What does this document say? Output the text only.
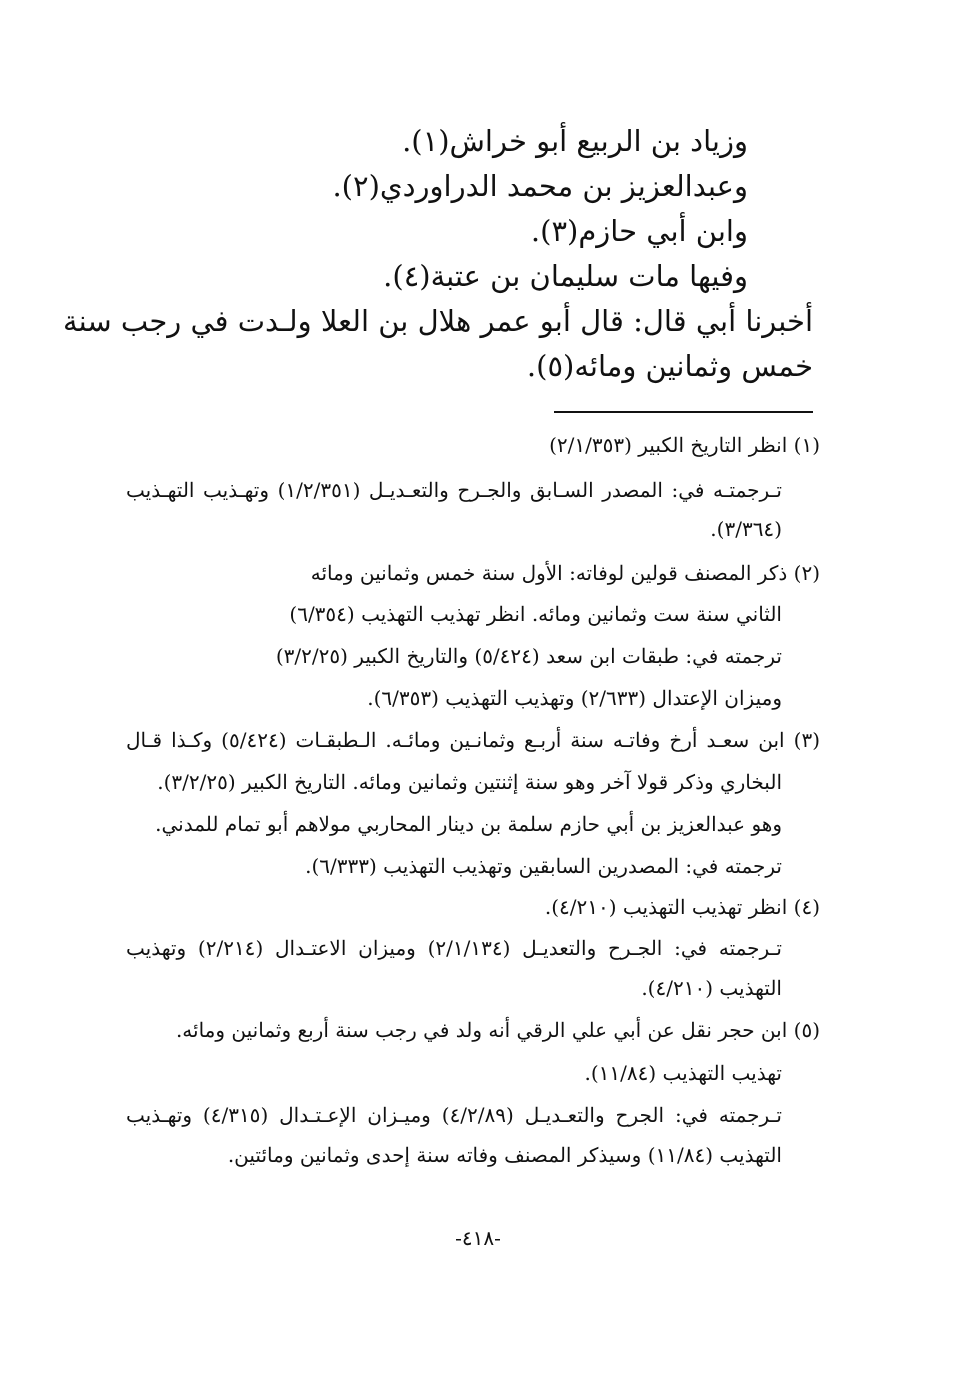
وزياد بن الربيع أبو خراش(١).
وعبدالعزيز بن محمد الدراوردي(٢).
وابن أبي حازم(٣).
وفيها مات سليمان بن عتبة(٤).
أخبرنا أبي قال: قال أبو عمر هلال بن العلا ولـدت في رجب سنة
خمس وثمانين ومائه(٥).
(١) انظر التاريخ الكبير (٢/١/٣٥٣)
تـرجمتـه في: المصدر السـابق والجـرح والتعـديـل (١/٢/٣٥١) وتهـذيب التهـذيب
(٣/٣٦٤).
(٢) ذكر المصنف قولين لوفاته: الأول سنة خمس وثمانين ومائه
الثاني سنة ست وثمانين ومائه. انظر تهذيب التهذيب (٦/٣٥٤)
ترجمته في: طبقات ابن سعد (٥/٤٢٤) والتاريخ الكبير (٣/٢/٢٥)
وميزان الإعتدال (٢/٦٣٣) وتهذيب التهذيب (٦/٣٥٣).
(٣) ابن سعـد أرخ وفاتـه سنة أربـع وثمانـين ومائـه. الـطبقـات (٥/٤٢٤) وكـذا قـال
البخاري وذكر قولا آخر وهو سنة إثنتين وثمانين ومائه. التاريخ الكبير (٣/٢/٢٥).
وهو عبدالعزيز بن أبي حازم سلمة بن دينار المحاربي مولاهم أبو تمام للمدني.
ترجمته في: المصدرين السابقين وتهذيب التهذيب (٦/٣٣٣).
(٤) انظر تهذيب التهذيب (٤/٢١٠).
تـرجمته في: الجـرح والتعديـل (٢/١/١٣٤) وميزان الاعتـدال (٢/٢١٤) وتهذيب
التهذيب (٤/٢١٠).
(٥) ابن حجر نقل عن أبي علي الرقي أنه ولد في رجب سنة أربع وثمانين ومائه.
تهذيب التهذيب (١١/٨٤).
تـرجمته في: الجرح والتعـديـل (٤/٢/٨٩) وميـزان الإعـتـدال (٤/٣١٥) وتهـذيب
التهذيب (١١/٨٤) وسيذكر المصنف وفاته سنة إحدى وثمانين ومائتين.
-٤١٨-
